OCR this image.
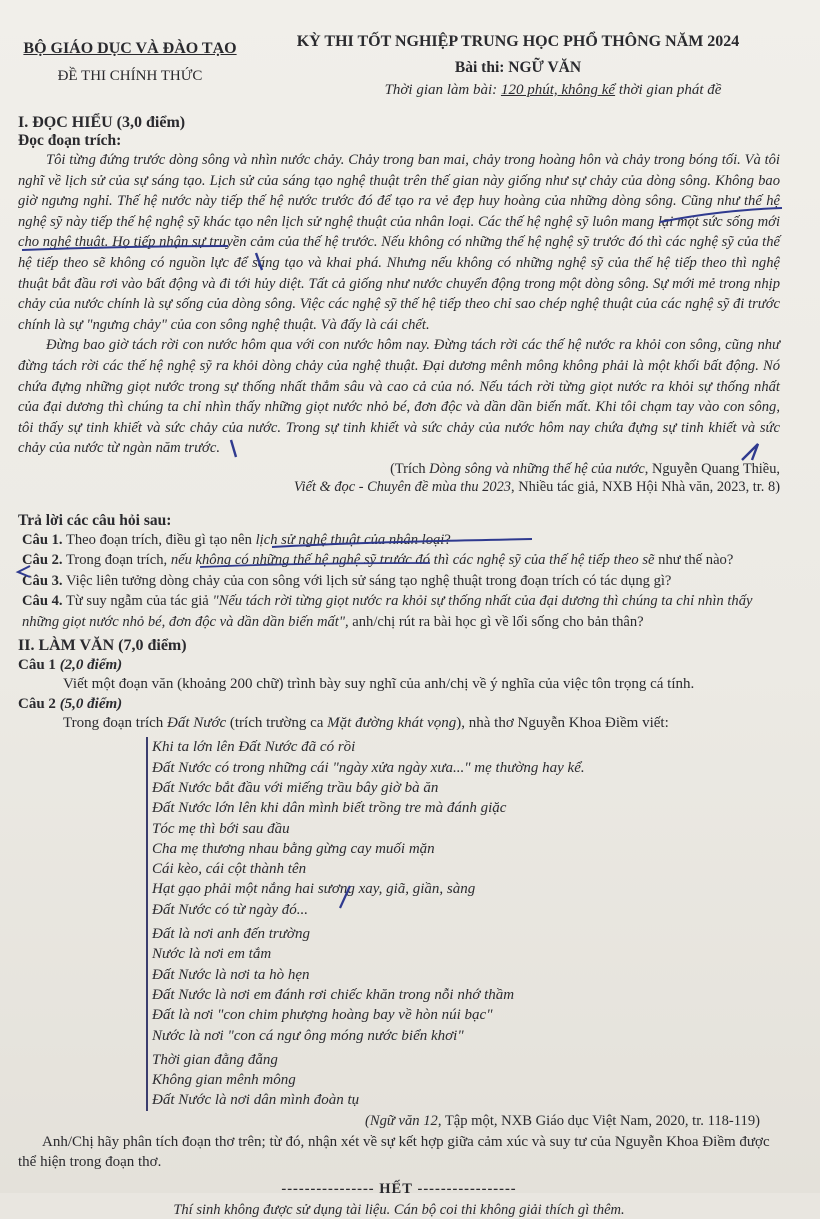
BỘ GIÁO DỤC VÀ ĐÀO TẠO
ĐỀ THI CHÍNH THỨC
KỲ THI TỐT NGHIỆP TRUNG HỌC PHỔ THÔNG NĂM 2024
Bài thi: NGỮ VĂN
Thời gian làm bài: 120 phút, không kể thời gian phát đề
I. ĐỌC HIỂU (3,0 điểm)
Đọc đoạn trích:

Tôi từng đứng trước dòng sông và nhìn nước chảy. Chảy trong ban mai, chảy trong hoàng hôn và chảy trong bóng tối. Và tôi nghĩ về lịch sử của sự sáng tạo. Lịch sử của sáng tạo nghệ thuật trên thế gian này giống như sự chảy của dòng sông. Không bao giờ ngưng nghỉ. Thế hệ nước này tiếp thế hệ nước trước đó để tạo ra vẻ đẹp huy hoàng của những dòng sông. Cũng như thế hệ nghệ sỹ này tiếp thế hệ nghệ sỹ khác tạo nên lịch sử nghệ thuật của nhân loại. Các thế hệ nghệ sỹ luôn mang lại một sức sống mới cho nghệ thuật. Họ tiếp nhận sự truyền cảm của thế hệ trước. Nếu không có những thế hệ nghệ sỹ trước đó thì các nghệ sỹ của thế hệ tiếp theo sẽ không có nguồn lực để sáng tạo và khai phá. Nhưng nếu không có những nghệ sỹ của thế hệ tiếp theo thì nghệ thuật bắt đầu rơi vào bất động và đi tới hủy diệt. Tất cả giống như nước chuyển động trong một dòng sông. Sự mới mẻ trong nhịp chảy của nước chính là sự sống của dòng sông. Việc các nghệ sỹ thế hệ tiếp theo chỉ sao chép nghệ thuật của các nghệ sỹ đi trước chính là sự "ngưng chảy" của con sông nghệ thuật. Và đấy là cái chết.

Đừng bao giờ tách rời con nước hôm qua với con nước hôm nay. Đừng tách rời các thế hệ nước ra khỏi con sông, cũng như đừng tách rời các thế hệ nghệ sỹ ra khỏi dòng chảy của nghệ thuật. Đại dương mênh mông không phải là một khối bất động. Nó chứa đựng những giọt nước trong sự thống nhất thẳm sâu và cao cả của nó. Nếu tách rời từng giọt nước ra khỏi sự thống nhất của đại dương thì chúng ta chỉ nhìn thấy những giọt nước nhỏ bé, đơn độc và dần dần biến mất. Khi tôi chạm tay vào con sông, tôi thấy sự tinh khiết và sức chảy của nước. Trong sự tinh khiết và sức chảy của nước hôm nay chứa đựng sự tinh khiết và sức chảy của nước từ ngàn năm trước.

(Trích Dòng sông và những thế hệ của nước, Nguyễn Quang Thiều,
Viết & đọc - Chuyên đề mùa thu 2023, Nhiều tác giả, NXB Hội Nhà văn, 2023, tr. 8)
Trả lời các câu hỏi sau:
Câu 1. Theo đoạn trích, điều gì tạo nên lịch sử nghệ thuật của nhân loại?
Câu 2. Trong đoạn trích, nếu không có những thế hệ nghệ sỹ trước đó thì các nghệ sỹ của thế hệ tiếp theo sẽ như thế nào?
Câu 3. Việc liên tưởng dòng chảy của con sông với lịch sử sáng tạo nghệ thuật trong đoạn trích có tác dụng gì?
Câu 4. Từ suy ngẫm của tác giả "Nếu tách rời từng giọt nước ra khỏi sự thống nhất của đại dương thì chúng ta chỉ nhìn thấy những giọt nước nhỏ bé, đơn độc và dần dần biến mất", anh/chị rút ra bài học gì về lối sống cho bản thân?
II. LÀM VĂN (7,0 điểm)
Câu 1 (2,0 điểm)
Viết một đoạn văn (khoảng 200 chữ) trình bày suy nghĩ của anh/chị về ý nghĩa của việc tôn trọng cá tính.
Câu 2 (5,0 điểm)
Trong đoạn trích Đất Nước (trích trường ca Mặt đường khát vọng), nhà thơ Nguyễn Khoa Điềm viết:
Khi ta lớn lên Đất Nước đã có rồi
Đất Nước có trong những cái "ngày xửa ngày xưa..." mẹ thường hay kể.
Đất Nước bắt đầu với miếng trầu bây giờ bà ăn
Đất Nước lớn lên khi dân mình biết trồng tre mà đánh giặc
Tóc mẹ thì bới sau đầu
Cha mẹ thương nhau bằng gừng cay muối mặn
Cái kèo, cái cột thành tên
Hạt gạo phải một nắng hai sương xay, giã, giần, sàng
Đất Nước có từ ngày đó...
Đất là nơi anh đến trường
Nước là nơi em tắm
Đất Nước là nơi ta hò hẹn
Đất Nước là nơi em đánh rơi chiếc khăn trong nỗi nhớ thầm
Đất là nơi "con chim phượng hoàng bay về hòn núi bạc"
Nước là nơi "con cá ngư ông móng nước biển khơi"
Thời gian đằng đẵng
Không gian mênh mông
Đất Nước là nơi dân mình đoàn tụ
(Ngữ văn 12, Tập một, NXB Giáo dục Việt Nam, 2020, tr. 118-119)
Anh/Chị hãy phân tích đoạn thơ trên; từ đó, nhận xét về sự kết hợp giữa cảm xúc và suy tư của Nguyễn Khoa Điềm được thể hiện trong đoạn thơ.
---------------- HẾT -----------------
Thí sinh không được sử dụng tài liệu. Cán bộ coi thi không giải thích gì thêm.
